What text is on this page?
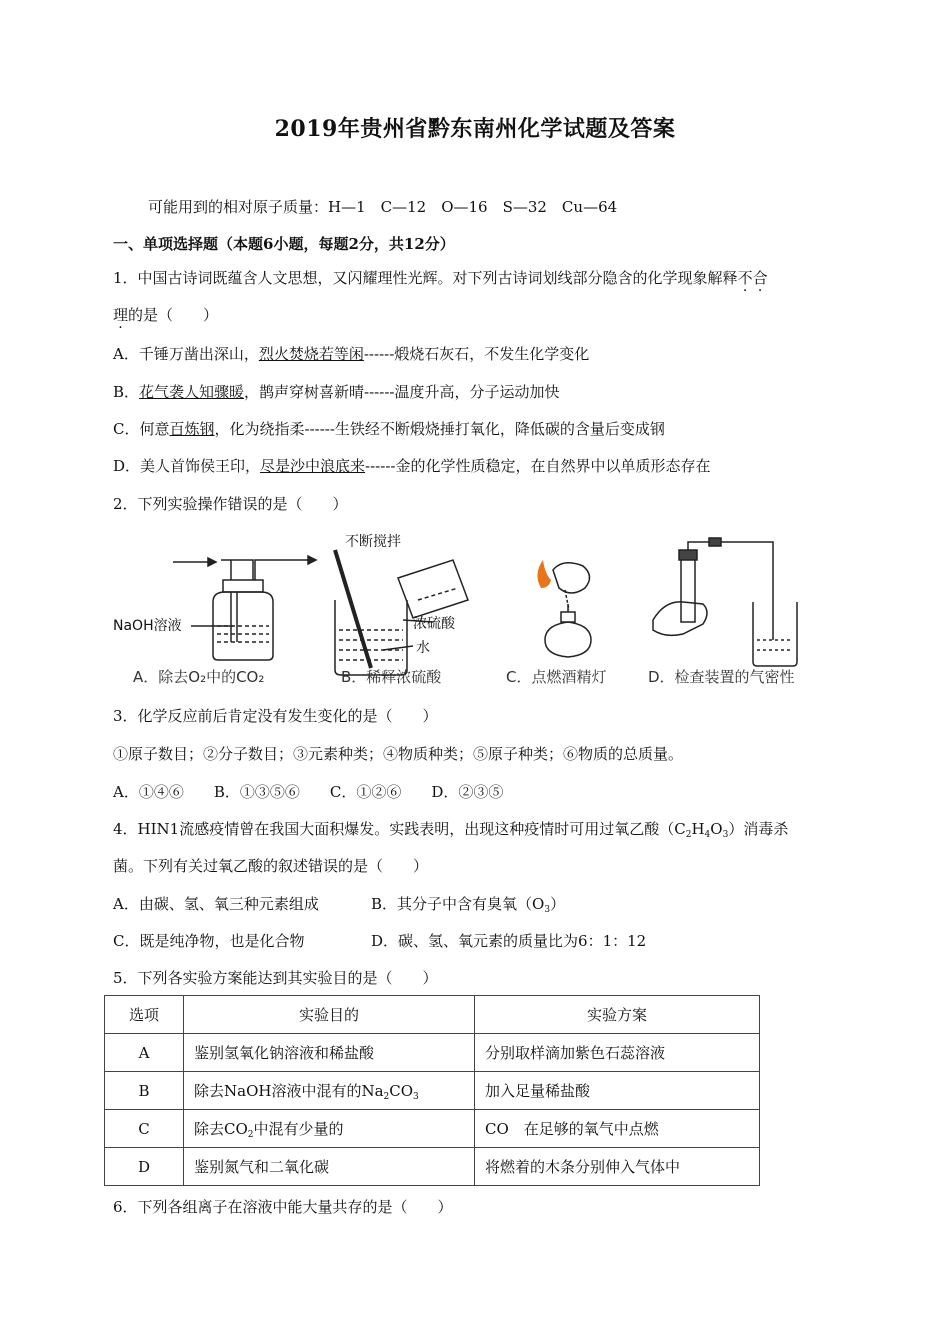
2019年贵州省黔东南州化学试题及答案
可能用到的相对原子质量：H—1　C—12　O—16　S—32　Cu—64
一、单项选择题（本题6小题，每题2分，共12分）
1．中国古诗词既蕴含人文思想，又闪耀理性光辉。对下列古诗词划线部分隐含的化学现象解释不合
理的是（　　）
A．千锤万凿出深山，烈火焚烧若等闲------煅烧石灰石，不发生化学变化
B．花气袭人知骤暖，鹊声穿树喜新晴------温度升高，分子运动加快
C．何意百炼钢，化为绕指柔------生铁经不断煅烧捶打氧化，降低碳的含量后变成钢
D．美人首饰侯王印，尽是沙中浪底来------金的化学性质稳定，在自然界中以单质形态存在
2．下列实验操作错误的是（　　）
NaOH溶液
A．除去O₂中的CO₂
不断搅拌
浓硫酸
水
B．稀释浓硫酸	C．点燃酒精灯	D．检查装置的气密性
3．化学反应前后肯定没有发生变化的是（　　）
①原子数目；②分子数目；③元素种类；④物质种类；⑤原子种类；⑥物质的总质量。
A．①④⑥　　B．①③⑤⑥　　C．①②⑥　　D．②③⑤
4．HIN1流感疫情曾在我国大面积爆发。实践表明，出现这种疫情时可用过氧乙酸$(C_2H_4O_3)$消毒杀
菌。下列有关过氧乙酸的叙述错误的是（　　）
A．由碳、氢、氧三种元素组成	B．其分子中含有臭氧$(O_3)$
C．既是纯净物，也是化合物	D．碳、氢、氧元素的质量比为6：1：12
5．下列各实验方案能达到其实验目的是（　　）
选项	实验目的	实验方案
A	鉴别氢氧化钠溶液和稀盐酸	分别取样滴加紫色石蕊溶液
B	除去NaOH溶液中混有的$Na_2CO_3$	加入足量稀盐酸
C	除去$CO_2$中混有少量的	CO　在足够的氧气中点燃
D	鉴别氮气和二氧化碳	将燃着的木条分别伸入气体中
6．下列各组离子在溶液中能大量共存的是（　　）
